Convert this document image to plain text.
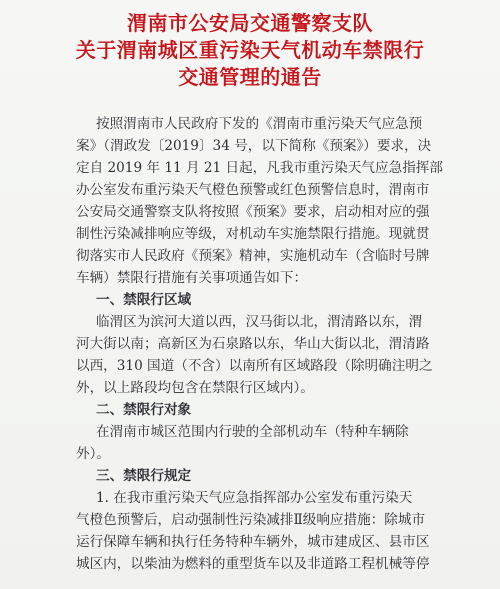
渭南市公安局交通警察支队
关于渭南城区重污染天气机动车禁限行
交通管理的通告
按照渭南市人民政府下发的《渭南市重污染天气应急预
案》（渭政发〔2019〕34 号，以下简称《预案》）要求，决
定自 2019 年 11 月 21 日起，凡我市重污染天气应急指挥部
办公室发布重污染天气橙色预警或红色预警信息时，渭南市
公安局交通警察支队将按照《预案》要求，启动相对应的强
制性污染减排响应等级，对机动车实施禁限行措施。现就贯
彻落实市人民政府《预案》精神，实施机动车（含临时号牌
车辆）禁限行措施有关事项通告如下：
一、禁限行区域
临渭区为滨河大道以西，汉马街以北，渭清路以东，渭
河大街以南；高新区为石泉路以东，华山大街以北，渭清路
以西，310 国道（不含）以南所有区域路段（除明确注明之
外，以上路段均包含在禁限行区域内）。
二、禁限行对象
在渭南市城区范围内行驶的全部机动车（特种车辆除
外）。
三、禁限行规定
1. 在我市重污染天气应急指挥部办公室发布重污染天
气橙色预警后，启动强制性污染减排Ⅱ级响应措施：除城市
运行保障车辆和执行任务特种车辆外，城市建成区、县市区
城区内，以柴油为燃料的重型货车以及非道路工程机械等停
